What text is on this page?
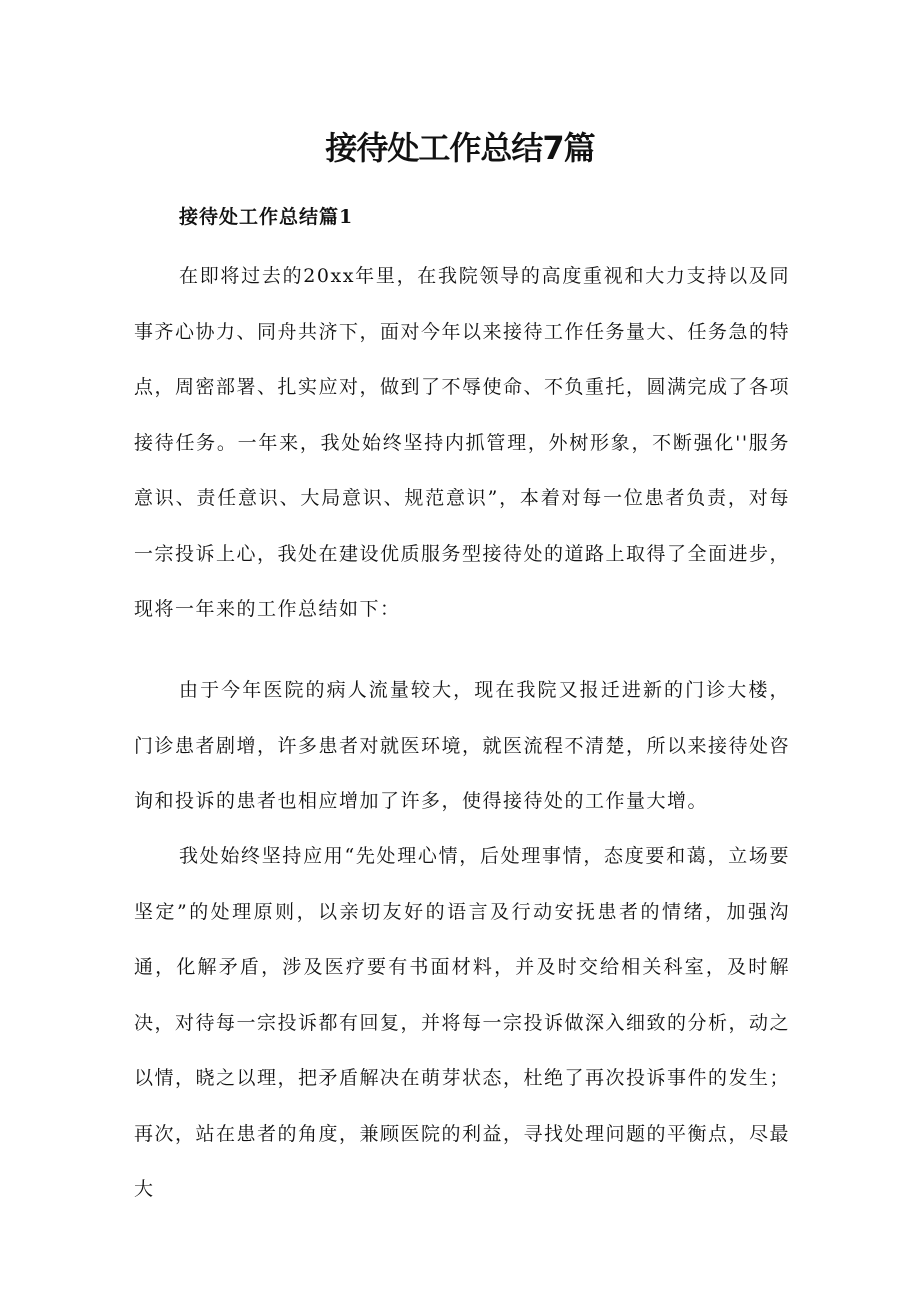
接待处工作总结7篇
接待处工作总结篇1

在即将过去的20xx年里，在我院领导的高度重视和大力支持以及同事齐心协力、同舟共济下，面对今年以来接待工作任务量大、任务急的特点，周密部署、扎实应对，做到了不辱使命、不负重托，圆满完成了各项接待任务。一年来，我处始终坚持内抓管理，外树形象，不断强化''服务意识、责任意识、大局意识、规范意识”，本着对每一位患者负责，对每一宗投诉上心，我处在建设优质服务型接待处的道路上取得了全面进步，现将一年来的工作总结如下：

由于今年医院的病人流量较大，现在我院又报迁进新的门诊大楼，门诊患者剧增，许多患者对就医环境，就医流程不清楚，所以来接待处咨询和投诉的患者也相应增加了许多，使得接待处的工作量大增。

我处始终坚持应用“先处理心情，后处理事情，态度要和蔼，立场要坚定”的处理原则，以亲切友好的语言及行动安抚患者的情绪，加强沟通，化解矛盾，涉及医疗要有书面材料，并及时交给相关科室，及时解决，对待每一宗投诉都有回复，并将每一宗投诉做深入细致的分析，动之以情，晓之以理，把矛盾解决在萌芽状态，杜绝了再次投诉事件的发生；再次，站在患者的角度，兼顾医院的利益，寻找处理问题的平衡点，尽最大
